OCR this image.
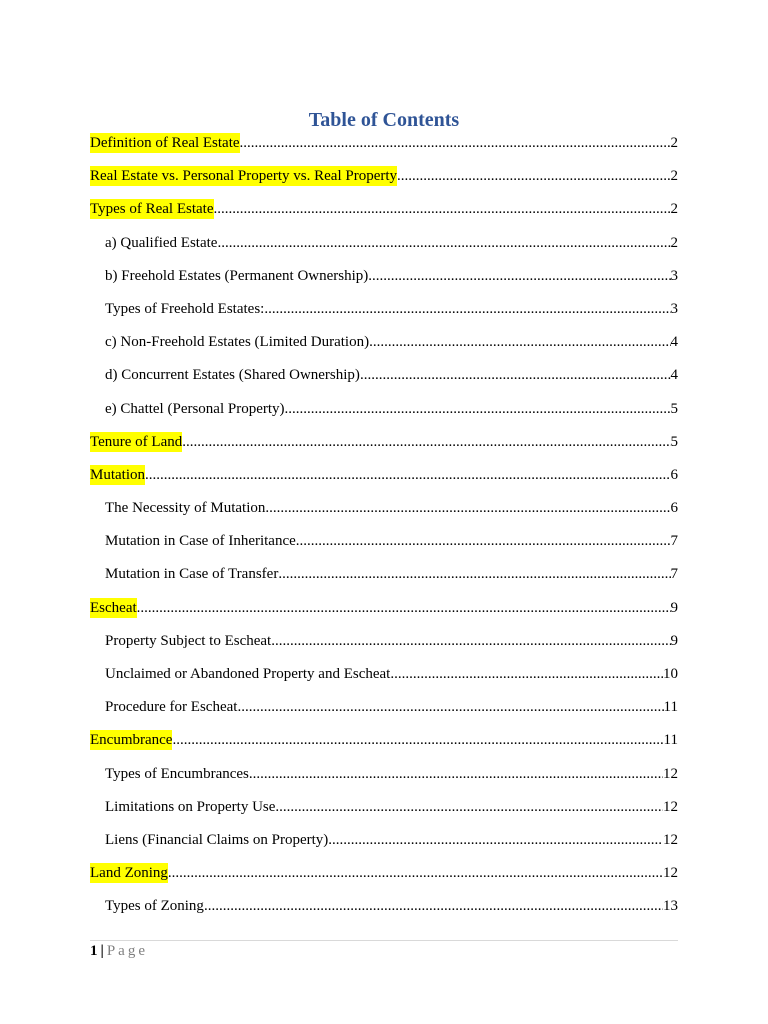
Table of Contents
Definition of Real Estate .....	2
Real Estate vs. Personal Property vs. Real Property .....	2
Types of Real Estate .....	2
a) Qualified Estate .....	2
b) Freehold Estates (Permanent Ownership) .....	3
Types of Freehold Estates: .....	3
c) Non-Freehold Estates (Limited Duration) .....	4
d) Concurrent Estates (Shared Ownership) .....	4
e) Chattel (Personal Property) .....	5
Tenure of Land .....	5
Mutation .....	6
The Necessity of Mutation .....	6
Mutation in Case of Inheritance .....	7
Mutation in Case of Transfer .....	7
Escheat .....	9
Property Subject to Escheat .....	9
Unclaimed or Abandoned Property and Escheat .....	10
Procedure for Escheat .....	11
Encumbrance .....	11
Types of Encumbrances .....	12
Limitations on Property Use .....	12
Liens (Financial Claims on Property) .....	12
Land Zoning .....	12
Types of Zoning .....	13
1 | Page
